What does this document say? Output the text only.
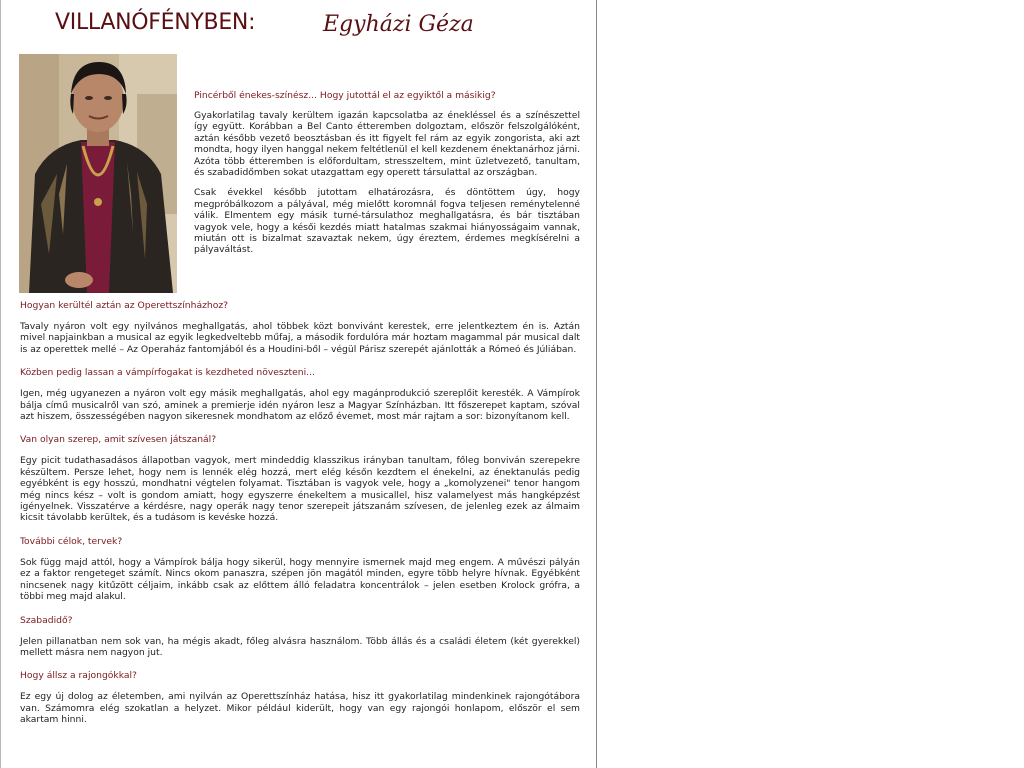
VILLANÓFÉNYBEN:	Egyházi Géza

Pincérből énekes-színész... Hogy jutottál el az egyiktől a másikig?

Gyakorlatilag tavaly kerültem igazán kapcsolatba az énekléssel és a színészettel így együtt. Korábban a Bel Canto étteremben dolgoztam, először felszolgálóként, aztán később vezető beosztásban és itt figyelt fel rám az egyik zongorista, aki azt mondta, hogy ilyen hanggal nekem feltétlenül el kell kezdenem énektanárhoz járni. Azóta több étteremben is előfordultam, stresszeltem, mint üzletvezető, tanultam, és szabadidőmben sokat utazgattam egy operett társulattal az országban.

Csak évekkel később jutottam elhatározásra, és döntöttem úgy, hogy megpróbálkozom a pályával, még mielőtt koromnál fogva teljesen reménytelenné válik. Elmentem egy másik turné-társulathoz meghallgatásra, és bár tisztában vagyok vele, hogy a késői kezdés miatt hatalmas szakmai hiányosságaim vannak, miután ott is bizalmat szavaztak nekem, úgy éreztem, érdemes megkísérelni a pályaváltást.

Hogyan kerültél aztán az Operettszínházhoz?

Tavaly nyáron volt egy nyilvános meghallgatás, ahol többek közt bonvivánt kerestek, erre jelentkeztem én is. Aztán mivel napjainkban a musical az egyik legkedveltebb műfaj, a második fordulóra már hoztam magammal pár musical dalt is az operettek mellé – Az Operaház fantomjából és a Houdini-ből – végül Párisz szerepét ajánlották a Rómeó és Júliában.

Közben pedig lassan a vámpírfogakat is kezdheted növeszteni...

Igen, még ugyanezen a nyáron volt egy másik meghallgatás, ahol egy magánprodukció szereplőit keresték. A Vámpírok bálja című musicalről van szó, aminek a premierje idén nyáron lesz a Magyar Színházban. Itt főszerepet kaptam, szóval azt hiszem, összességében nagyon sikeresnek mondhatom az előző évemet, most már rajtam a sor: bizonyítanom kell.

Van olyan szerep, amit szívesen játszanál?

Egy picit tudathasadásos állapotban vagyok, mert mindeddig klasszikus irányban tanultam, főleg bonviván szerepekre készültem. Persze lehet, hogy nem is lennék elég hozzá, mert elég későn kezdtem el énekelni, az énektanulás pedig egyébként is egy hosszú, mondhatni végtelen folyamat. Tisztában is vagyok vele, hogy a „komolyzenei" tenor hangom még nincs kész – volt is gondom amiatt, hogy egyszerre énekeltem a musicallel, hisz valamelyest más hangképzést igényelnek. Visszatérve a kérdésre, nagy operák nagy tenor szerepeit játszanám szívesen, de jelenleg ezek az álmaim kicsit távolabb kerültek, és a tudásom is kevéske hozzá.

További célok, tervek?

Sok függ majd attól, hogy a Vámpírok bálja hogy sikerül, hogy mennyire ismernek majd meg engem. A művészi pályán ez a faktor rengeteget számít. Nincs okom panaszra, szépen jön magától minden, egyre több helyre hívnak. Egyébként nincsenek nagy kitűzött céljaim, inkább csak az előttem álló feladatra koncentrálok – jelen esetben Krolock grófra, a többi meg majd alakul.

Szabadidő?

Jelen pillanatban nem sok van, ha mégis akadt, főleg alvásra használom. Több állás és a családi életem (két gyerekkel) mellett másra nem nagyon jut.

Hogy állsz a rajongókkal?

Ez egy új dolog az életemben, ami nyilván az Operettszínház hatása, hisz itt gyakorlatilag mindenkinek rajongótábora van. Számomra elég szokatlan a helyzet. Mikor például kiderült, hogy van egy rajongói honlapom, először el sem akartam hinni.
